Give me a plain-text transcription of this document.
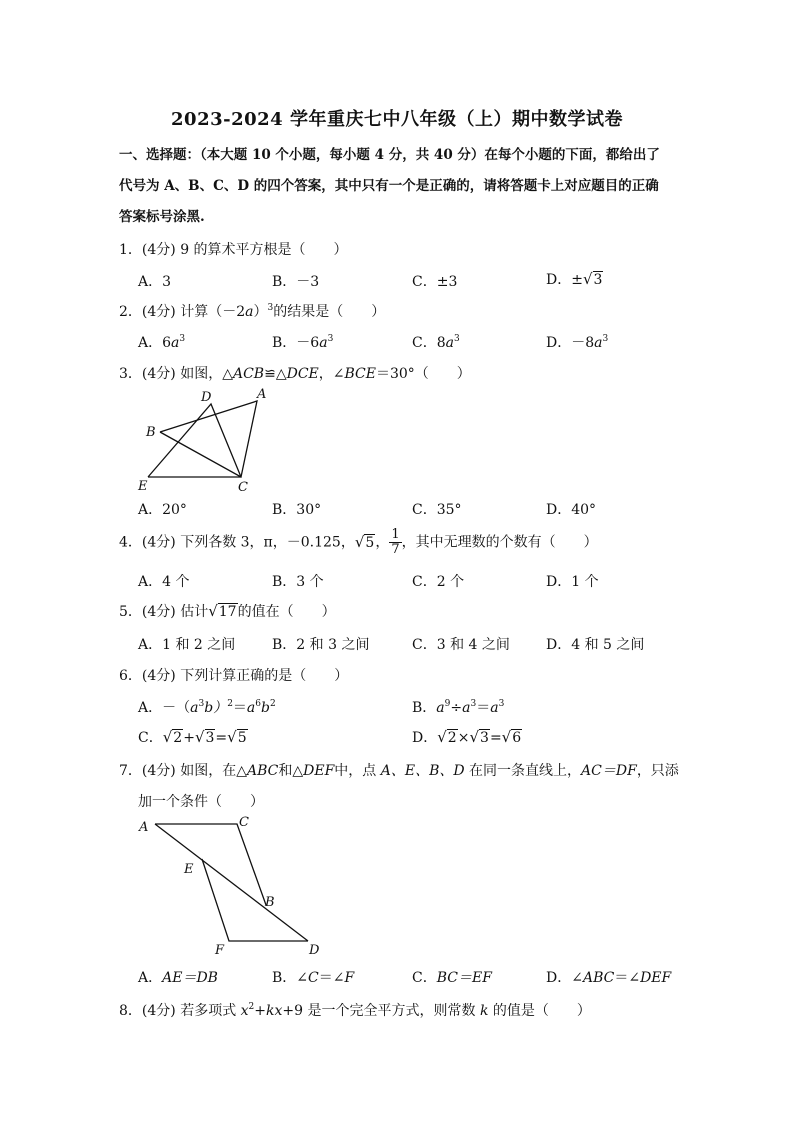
2023-2024 学年重庆七中八年级（上）期中数学试卷
一、选择题：（本大题 10 个小题，每小题 4 分，共 40 分）在每个小题的下面，都给出了
代号为 A、B、C、D 的四个答案，其中只有一个是正确的，请将答题卡上对应题目的正确
答案标号涂黑.
1．(4分) 9 的算术平方根是（　　）
A．3	B．－3	C．±3	D．±√3
2．(4分) 计算$(-2a)^3$的结果是（　　）
A．$6a^3$	B．$-6a^3$	C．$8a^3$	D．$-8a^3$
3．(4分) 如图，△ACB≌△DCE，∠BCE＝30°（　　）
D	A
B
E	C
A．20°	B．30°	C．35°	D．40°
4．(4分) 下列各数 3，π，－0.125，√5， $\frac{1}{7}$ ，其中无理数的个数有（　　）
A．4 个	B．3 个	C．2 个	D．1 个
5．(4分) 估计√17的值在（　　）
A．1 和 2 之间	B．2 和 3 之间	C．3 和 4 之间	D．4 和 5 之间
6．(4分) 下列计算正确的是（　　）
A．$-(a^3b)^2=a^6b^2$	B．$a^9\div a^3=a^3$
C．√2+√3=√5	D．√2×√3=√6
7．(4分) 如图，在△ABC和△DEF中，点 A、E、B、D 在同一条直线上，AC＝DF，只添
加一个条件（　　）
A	C
E
B
F	D
A．AE＝DB	B．∠C＝∠F	C．BC＝EF	D．∠ABC＝∠DEF
8．(4分) 若多项式 $x^2+kx+9$ 是一个完全平方式，则常数 k 的值是（　　）
